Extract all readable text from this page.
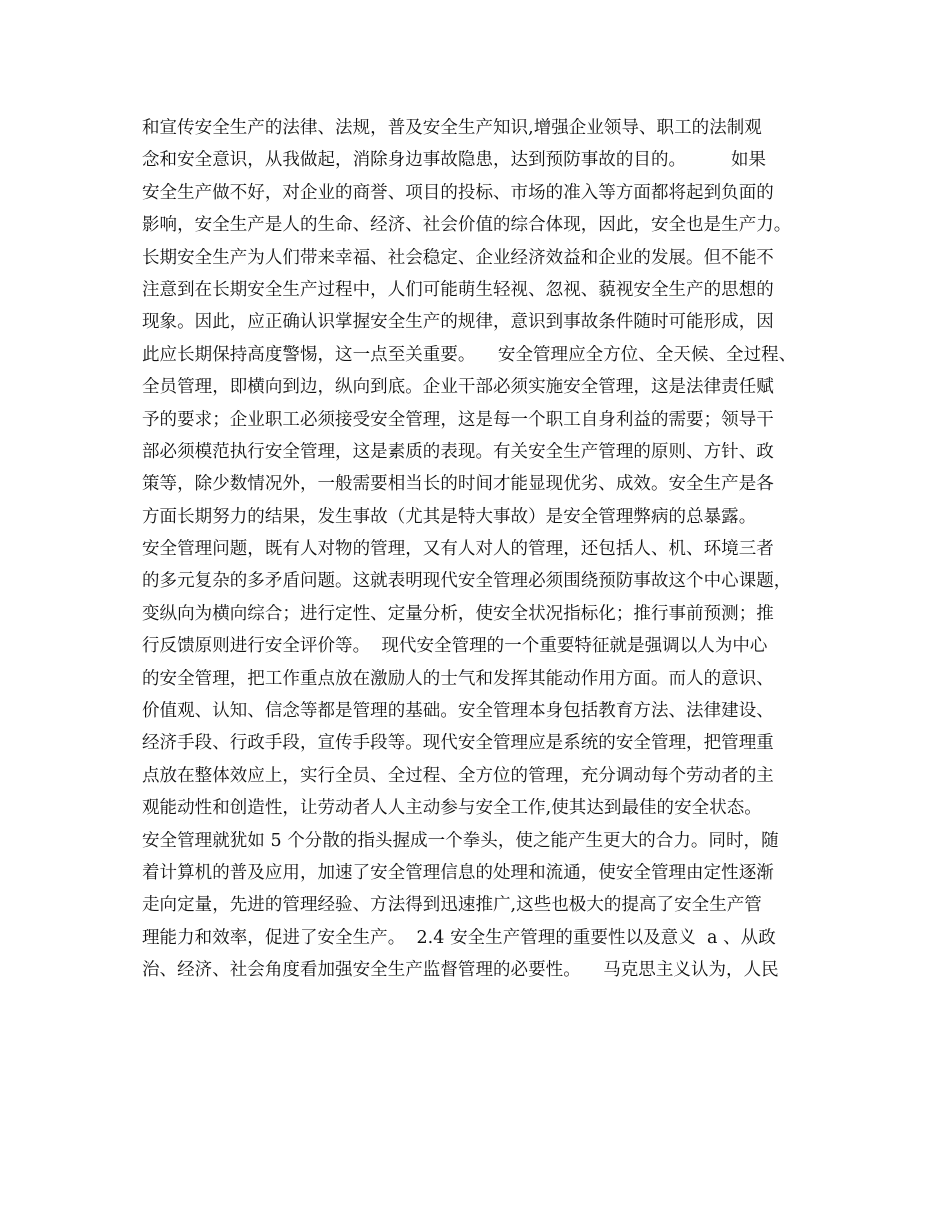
和宣传安全生产的法律、法规，普及安全生产知识,增强企业领导、职工的法制观
念和安全意识，从我做起，消除身边事故隐患，达到预防事故的目的。        如果
安全生产做不好，对企业的商誉、项目的投标、市场的准入等方面都将起到负面的
影响，安全生产是人的生命、经济、社会价值的综合体现，因此，安全也是生产力。
长期安全生产为人们带来幸福、社会稳定、企业经济效益和企业的发展。但不能不
注意到在长期安全生产过程中，人们可能萌生轻视、忽视、藐视安全生产的思想的
现象。因此，应正确认识掌握安全生产的规律，意识到事故条件随时可能形成，因
此应长期保持高度警惕，这一点至关重要。    安全管理应全方位、全天候、全过程、
全员管理，即横向到边，纵向到底。企业干部必须实施安全管理，这是法律责任赋
予的要求；企业职工必须接受安全管理，这是每一个职工自身利益的需要；领导干
部必须模范执行安全管理，这是素质的表现。有关安全生产管理的原则、方针、政
策等，除少数情况外，一般需要相当长的时间才能显现优劣、成效。安全生产是各
方面长期努力的结果，发生事故（尤其是特大事故）是安全管理弊病的总暴露。
安全管理问题，既有人对物的管理，又有人对人的管理，还包括人、机、环境三者
的多元复杂的多矛盾问题。这就表明现代安全管理必须围绕预防事故这个中心课题，
变纵向为横向综合；进行定性、定量分析，使安全状况指标化；推行事前预测；推
行反馈原则进行安全评价等。  现代安全管理的一个重要特征就是强调以人为中心
的安全管理，把工作重点放在激励人的士气和发挥其能动作用方面。而人的意识、
价值观、认知、信念等都是管理的基础。安全管理本身包括教育方法、法律建设、
经济手段、行政手段，宣传手段等。现代安全管理应是系统的安全管理，把管理重
点放在整体效应上，实行全员、全过程、全方位的管理，充分调动每个劳动者的主
观能动性和创造性，让劳动者人人主动参与安全工作,使其达到最佳的安全状态。
安全管理就犹如 5 个分散的指头握成一个拳头，使之能产生更大的合力。同时，随
着计算机的普及应用，加速了安全管理信息的处理和流通，使安全管理由定性逐渐
走向定量，先进的管理经验、方法得到迅速推广,这些也极大的提高了安全生产管
理能力和效率，促进了安全生产。  2.4 安全生产管理的重要性以及意义  a 、从政
治、经济、社会角度看加强安全生产监督管理的必要性。    马克思主义认为，人民
